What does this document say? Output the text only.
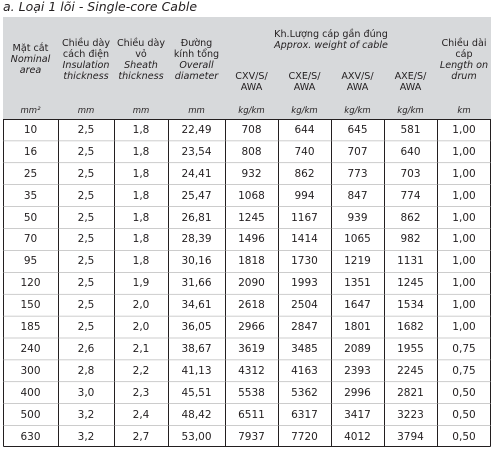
a. Loại 1 lõi - Single-core Cable
Mặt cắt
Nominal area
Chiều dày cách điện
Insulation thickness
Chiều dày vỏ
Sheath thickness
Đường kính tổng
Overall diameter
Kh.Lượng cáp gần đúng
Approx. weight of cable
CXV/S/ AWA
CXE/S/ AWA
AXV/S/ AWA
AXE/S/ AWA
Chiều dài cáp
Length on drum
mm²	mm	mm	mm	kg/km	kg/km	kg/km	kg/km	km
10	2,5	1,8	22,49	708	644	645	581	1,00
16	2,5	1,8	23,54	808	740	707	640	1,00
25	2,5	1,8	24,41	932	862	773	703	1,00
35	2,5	1,8	25,47	1068	994	847	774	1,00
50	2,5	1,8	26,81	1245	1167	939	862	1,00
70	2,5	1,8	28,39	1496	1414	1065	982	1,00
95	2,5	1,8	30,16	1818	1730	1219	1131	1,00
120	2,5	1,9	31,66	2090	1993	1351	1245	1,00
150	2,5	2,0	34,61	2618	2504	1647	1534	1,00
185	2,5	2,0	36,05	2966	2847	1801	1682	1,00
240	2,6	2,1	38,67	3619	3485	2089	1955	0,75
300	2,8	2,2	41,13	4312	4163	2393	2245	0,75
400	3,0	2,3	45,51	5538	5362	2996	2821	0,50
500	3,2	2,4	48,42	6511	6317	3417	3223	0,50
630	3,2	2,7	53,00	7937	7720	4012	3794	0,50
